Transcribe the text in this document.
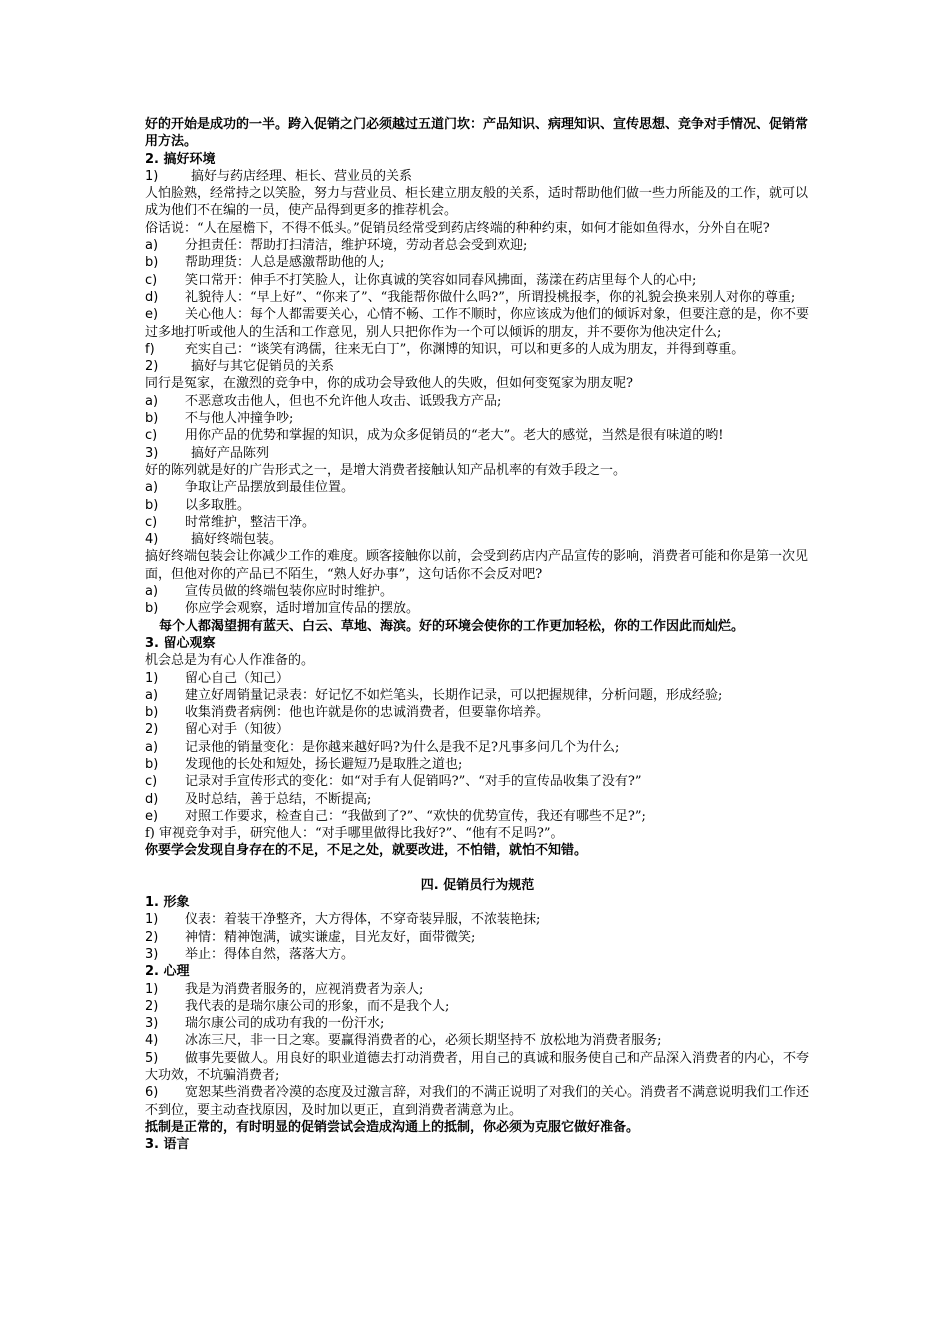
好的开始是成功的一半。跨入促销之门必须越过五道门坎：产品知识、病理知识、宣传思想、竞争对手情况、促销常用方法。

2. 搞好环境

1)	搞好与药店经理、柜长、营业员的关系

人怕脸熟，经常持之以笑脸，努力与营业员、柜长建立朋友般的关系，适时帮助他们做一些力所能及的工作，就可以成为他们不在编的一员，使产品得到更多的推荐机会。

俗话说：“人在屋檐下，不得不低头。”促销员经常受到药店终端的种种约束，如何才能如鱼得水，分外自在呢?

a) 分担责任：帮助打扫清洁，维护环境，劳动者总会受到欢迎;

b) 帮助理货：人总是感激帮助他的人;

c) 笑口常开：伸手不打笑脸人，让你真诚的笑容如同春风拂面，荡漾在药店里每个人的心中;

d) 礼貌待人：“早上好”、“你来了”、“我能帮你做什么吗?”，所谓投桃报李，你的礼貌会换来别人对你的尊重;

e) 关心他人：每个人都需要关心，心情不畅、工作不顺时，你应该成为他们的倾诉对象，但要注意的是，你不要过多地打听或他人的生活和工作意见，别人只把你作为一个可以倾诉的朋友，并不要你为他决定什么;

f) 充实自己：“谈笑有鸿儒，往来无白丁”，你渊博的知识，可以和更多的人成为朋友，并得到尊重。

2)	搞好与其它促销员的关系

同行是冤家，在激烈的竞争中，你的成功会导致他人的失败，但如何变冤家为朋友呢?

a) 不恶意攻击他人，但也不允许他人攻击、诋毁我方产品;

b) 不与他人冲撞争吵;

c) 用你产品的优势和掌握的知识，成为众多促销员的“老大”。老大的感觉，当然是很有味道的哟!

3)	搞好产品陈列

好的陈列就是好的广告形式之一，是增大消费者接触认知产品机率的有效手段之一。

a) 争取让产品摆放到最佳位置。

b) 以多取胜。

c) 时常维护，整洁干净。

4)	搞好终端包装。

搞好终端包装会让你减少工作的难度。顾客接触你以前，会受到药店内产品宣传的影响，消费者可能和你是第一次见面，但他对你的产品已不陌生，“熟人好办事”，这句话你不会反对吧?

a) 宣传员做的终端包装你应时时维护。

b) 你应学会观察，适时增加宣传品的摆放。

每个人都渴望拥有蓝天、白云、草地、海滨。好的环境会使你的工作更加轻松，你的工作因此而灿烂。

3. 留心观察

机会总是为有心人作准备的。

1) 留心自己（知己）

a) 建立好周销量记录表：好记忆不如烂笔头，长期作记录，可以把握规律，分析问题，形成经验;

b) 收集消费者病例：他也许就是你的忠诚消费者，但要靠你培养。

2) 留心对手（知彼）

a) 记录他的销量变化：是你越来越好吗?为什么是我不足?凡事多问几个为什么;

b) 发现他的长处和短处，扬长避短乃是取胜之道也;

c) 记录对手宣传形式的变化：如“对手有人促销吗?”、“对手的宣传品收集了没有?”

d) 及时总结，善于总结，不断提高;

e) 对照工作要求，检查自己：“我做到了?”、“欢快的优势宣传，我还有哪些不足?”;

f) 审视竞争对手，研究他人：“对手哪里做得比我好?”、“他有不足吗?”。

你要学会发现自身存在的不足，不足之处，就要改进，不怕错，就怕不知错。

四. 促销员行为规范

1. 形象

1) 仪表：着装干净整齐，大方得体，不穿奇装异服，不浓装艳抹;

2) 神情：精神饱满，诚实谦虚，目光友好，面带微笑;

3) 举止：得体自然，落落大方。

2. 心理

1) 我是为消费者服务的，应视消费者为亲人;

2) 我代表的是瑞尔康公司的形象，而不是我个人;

3) 瑞尔康公司的成功有我的一份汗水;

4) 冰冻三尺，非一日之寒。要赢得消费者的心，必须长期坚持不 放松地为消费者服务;

5) 做事先要做人。用良好的职业道德去打动消费者，用自己的真诚和服务使自己和产品深入消费者的内心，不夸大功效，不坑骗消费者;

6) 宽恕某些消费者冷漠的态度及过激言辞，对我们的不满正说明了对我们的关心。消费者不满意说明我们工作还不到位，要主动查找原因，及时加以更正，直到消费者满意为止。

抵制是正常的，有时明显的促销尝试会造成沟通上的抵制，你必须为克服它做好准备。

3. 语言
